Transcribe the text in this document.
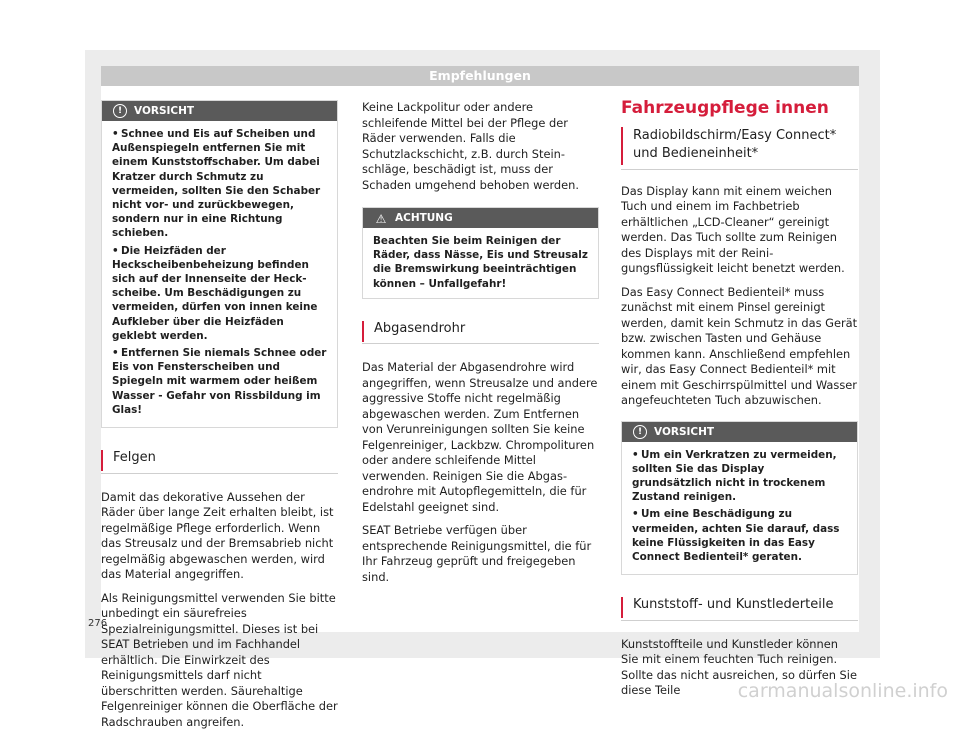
Empfehlungen
!	VORSICHT
• Schnee und Eis auf Scheiben und Außenspiegeln entfernen Sie mit einem Kunststoffschaber. Um dabei Kratzer durch Schmutz zu vermeiden, sollten Sie den Schaber nicht vor- und zurückbewegen, sondern nur in eine Richtung schieben.
• Die Heizfäden der Heckscheibenbeheizung befinden sich auf der Innenseite der Heckscheibe. Um Beschädigungen zu vermeiden, dürfen von innen keine Aufkleber über die Heizfäden geklebt werden.
• Entfernen Sie niemals Schnee oder Eis von Fensterscheiben und Spiegeln mit warmem oder heißem Wasser - Gefahr von Rissbildung im Glas!
Felgen

Damit das dekorative Aussehen der Räder über lange Zeit erhalten bleibt, ist regelmäßige Pflege erforderlich. Wenn das Streusalz und der Bremsabrieb nicht regelmäßig abgewaschen werden, wird das Material angegriffen.

Als Reinigungsmittel verwenden Sie bitte unbedingt ein säurefreies Spezialreinigungsmittel. Dieses ist bei SEAT Betrieben und im Fachhandel erhältlich. Die Einwirkzeit des Reinigungsmittels darf nicht überschritten werden. Säurehaltige Felgenreiniger können die Oberfläche der Radschrauben angreifen.

Keine Lackpolitur oder andere schleifende Mittel bei der Pflege der Räder verwenden. Falls die Schutzlackschicht, z.B. durch Steinschläge, beschädigt ist, muss der Schaden umgehend behoben werden.

⚠ ACHTUNG
Beachten Sie beim Reinigen der Räder, dass Nässe, Eis und Streusalz die Bremswirkung beeinträchtigen können – Unfallgefahr!
Abgasendrohr

Das Material der Abgasendrohre wird angegriffen, wenn Streusalze und andere aggressive Stoffe nicht regelmäßig abgewaschen werden. Zum Entfernen von Verunreinigungen sollten Sie keine Felgenreiniger, Lackbzw. Chrompolituren oder andere schleifende Mittel verwenden. Reinigen Sie die Abgasendrohre mit Autopflegemitteln, die für Edelstahl geeignet sind.

SEAT Betriebe verfügen über entsprechende Reinigungsmittel, die für Ihr Fahrzeug geprüft und freigegeben sind.

Fahrzeugpflege innen
Radiobildschirm/Easy Connect* und Bedieneinheit*

Das Display kann mit einem weichen Tuch und einem im Fachbetrieb erhältlichen „LCD-Cleaner“ gereinigt werden. Das Tuch sollte zum Reinigen des Displays mit der Reinigungsflüssigkeit leicht benetzt werden.

Das Easy Connect Bedienteil* muss zunächst mit einem Pinsel gereinigt werden, damit kein Schmutz in das Gerät bzw. zwischen Tasten und Gehäuse kommen kann. Anschließend empfehlen wir, das Easy Connect Bedienteil* mit einem mit Geschirrspülmittel und Wasser angefeuchteten Tuch abzuwischen.

!	VORSICHT
• Um ein Verkratzen zu vermeiden, sollten Sie das Display grundsätzlich nicht in trockenem Zustand reinigen.
• Um eine Beschädigung zu vermeiden, achten Sie darauf, dass keine Flüssigkeiten in das Easy Connect Bedienteil* geraten.
Kunststoff- und Kunstlederteile

Kunststoffteile und Kunstleder können Sie mit einem feuchten Tuch reinigen. Sollte das nicht ausreichen, so dürfen Sie diese Teile

276
carmanualsonline.info
